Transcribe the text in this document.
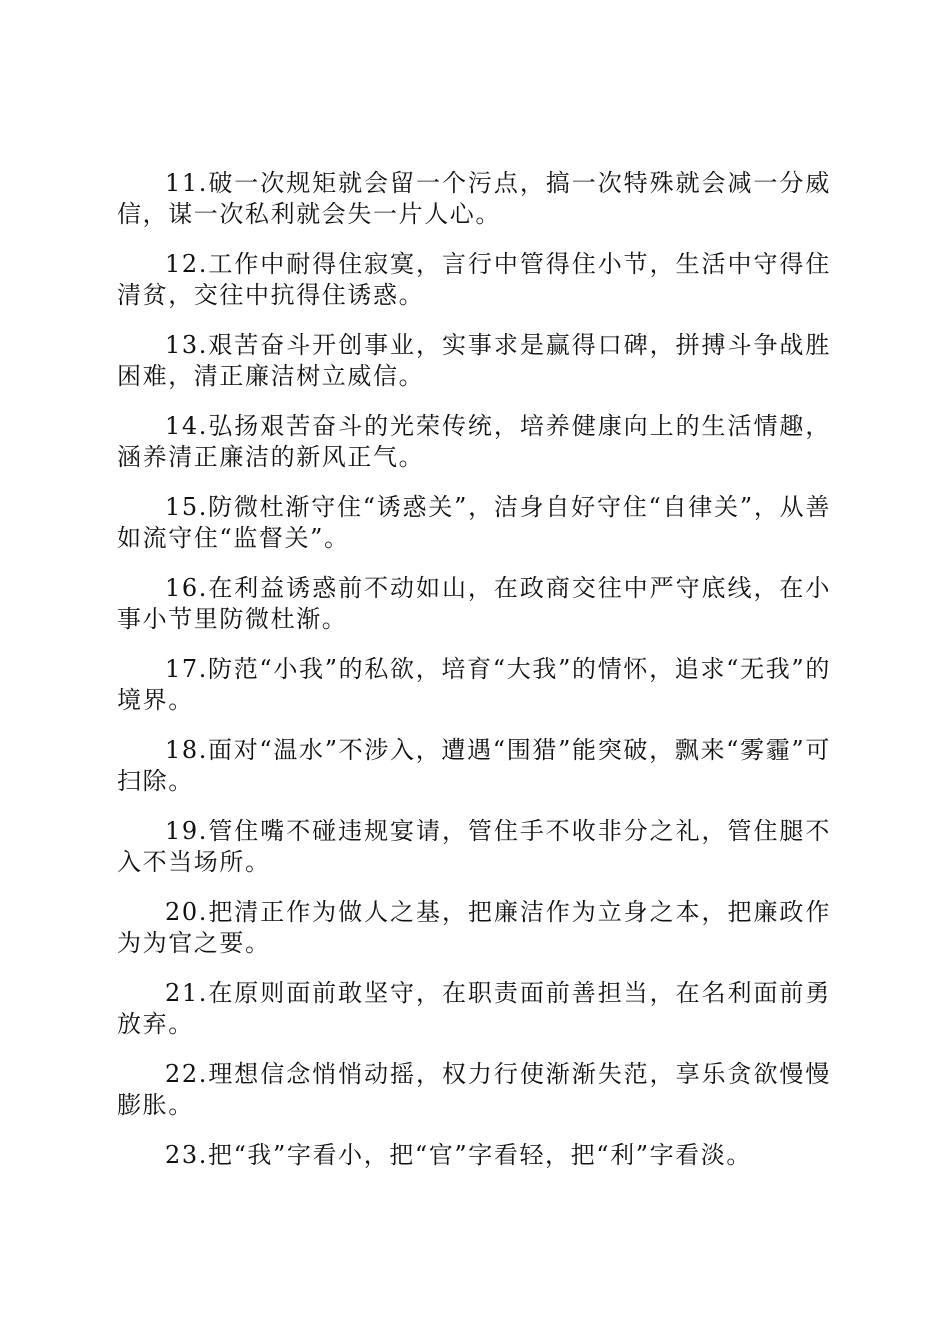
11.破一次规矩就会留一个污点，搞一次特殊就会减一分威信，谋一次私利就会失一片人心。

12.工作中耐得住寂寞，言行中管得住小节，生活中守得住清贫，交往中抗得住诱惑。

13.艰苦奋斗开创事业，实事求是赢得口碑，拼搏斗争战胜困难，清正廉洁树立威信。

14.弘扬艰苦奋斗的光荣传统，培养健康向上的生活情趣，涵养清正廉洁的新风正气。

15.防微杜渐守住“诱惑关”，洁身自好守住“自律关”，从善如流守住“监督关”。

16.在利益诱惑前不动如山，在政商交往中严守底线，在小事小节里防微杜渐。

17.防范“小我”的私欲，培育“大我”的情怀，追求“无我”的境界。

18.面对“温水”不涉入，遭遇“围猎”能突破，飘来“雾霾”可扫除。

19.管住嘴不碰违规宴请，管住手不收非分之礼，管住腿不入不当场所。

20.把清正作为做人之基，把廉洁作为立身之本，把廉政作为为官之要。

21.在原则面前敢坚守，在职责面前善担当，在名利面前勇放弃。

22.理想信念悄悄动摇，权力行使渐渐失范，享乐贪欲慢慢膨胀。

23.把“我”字看小，把“官”字看轻，把“利”字看淡。
